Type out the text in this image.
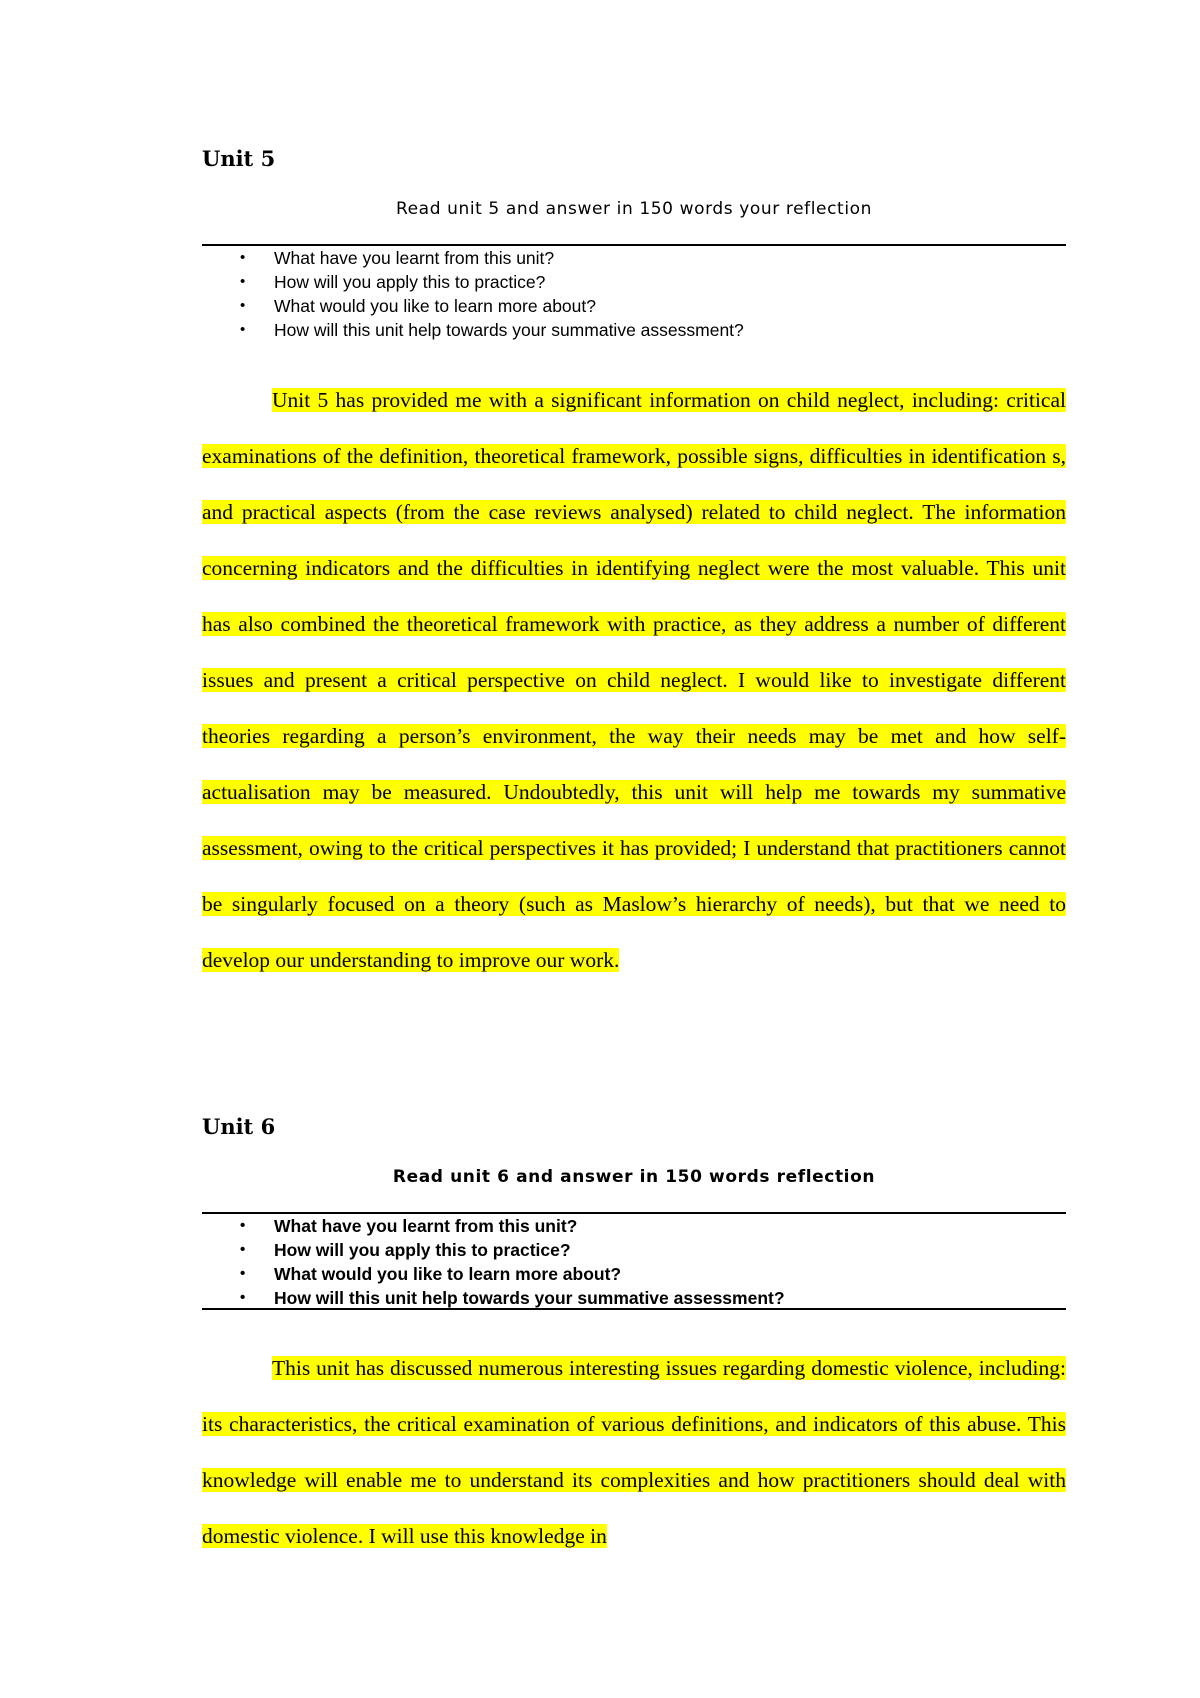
Unit 5

Read unit 5 and answer in 150 words your reflection

• What have you learnt from this unit?
• How will you apply this to practice?
• What would you like to learn more about?
• How will this unit help towards your summative assessment?

Unit 5 has provided me with a significant information on child neglect, including: critical examinations of the definition, theoretical framework, possible signs, difficulties in identification s, and practical aspects (from the case reviews analysed) related to child neglect. The information concerning indicators and the difficulties in identifying neglect were the most valuable. This unit has also combined the theoretical framework with practice, as they address a number of different issues and present a critical perspective on child neglect. I would like to investigate different theories regarding a person’s environment, the way their needs may be met and how self-actualisation may be measured. Undoubtedly, this unit will help me towards my summative assessment, owing to the critical perspectives it has provided; I understand that practitioners cannot be singularly focused on a theory (such as Maslow’s hierarchy of needs), but that we need to develop our understanding to improve our work.

Unit 6

Read unit 6 and answer in 150 words reflection

• What have you learnt from this unit?
• How will you apply this to practice?
• What would you like to learn more about?
• How will this unit help towards your summative assessment?

This unit has discussed numerous interesting issues regarding domestic violence, including: its characteristics, the critical examination of various definitions, and indicators of this abuse. This knowledge will enable me to understand its complexities and how practitioners should deal with domestic violence. I will use this knowledge in
